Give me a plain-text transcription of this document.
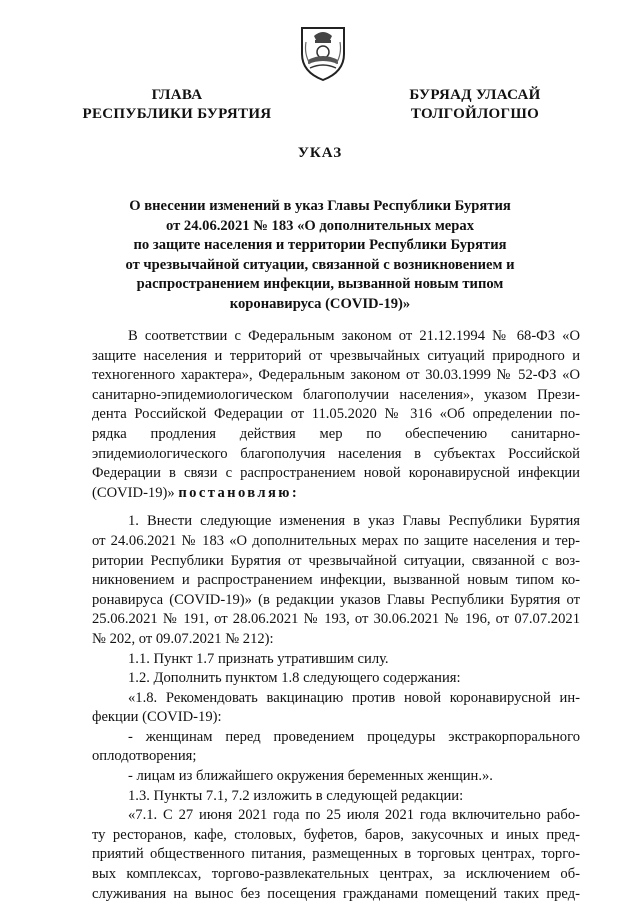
ГЛАВА
РЕСПУБЛИКИ БУРЯТИЯ
БУРЯАД УЛАСАЙ
ТОЛГОЙЛОГШО
УКАЗ
О внесении изменений в указ Главы Республики Бурятия
от 24.06.2021 № 183 «О дополнительных мерах
по защите населения и территории Республики Бурятия
от чрезвычайной ситуации, связанной с возникновением и
распространением инфекции, вызванной новым типом
коронавируса (COVID-19)»
В соответствии с Федеральным законом от 21.12.1994 № 68-ФЗ «О
защите населения и территорий от чрезвычайных ситуаций природного и
техногенного характера», Федеральным законом от 30.03.1999 № 52-ФЗ «О
санитарно-эпидемиологическом благополучии населения», указом Прези-
дента Российской Федерации от 11.05.2020 № 316 «Об определении по-
рядка продления действия мер по обеспечению санитарно-
эпидемиологического благополучия населения в субъектах Российской
Федерации в связи с распространением новой коронавирусной инфекции
(COVID-19)» постановляю:
1. Внести следующие изменения в указ Главы Республики Бурятия
от 24.06.2021 № 183 «О дополнительных мерах по защите населения и тер-
ритории Республики Бурятия от чрезвычайной ситуации, связанной с воз-
никновением и распространением инфекции, вызванной новым типом ко-
ронавируса (COVID-19)» (в редакции указов Главы Республики Бурятия от
25.06.2021 № 191, от 28.06.2021 № 193, от 30.06.2021 № 196, от 07.07.2021
№ 202, от 09.07.2021 № 212):
1.1. Пункт 1.7 признать утратившим силу.
1.2. Дополнить пунктом 1.8 следующего содержания:
«1.8. Рекомендовать вакцинацию против новой коронавирусной ин-
фекции (COVID-19):
- женщинам перед проведением процедуры экстракорпорального
оплодотворения;
- лицам из ближайшего окружения беременных женщин.».
1.3. Пункты 7.1, 7.2 изложить в следующей редакции:
«7.1. С 27 июня 2021 года по 25 июля 2021 года включительно рабо-
ту ресторанов, кафе, столовых, буфетов, баров, закусочных и иных пред-
приятий общественного питания, размещенных в торговых центрах, торго-
вых комплексах, торгово-развлекательных центрах, за исключением об-
служивания на вынос без посещения гражданами помещений таких пред-
